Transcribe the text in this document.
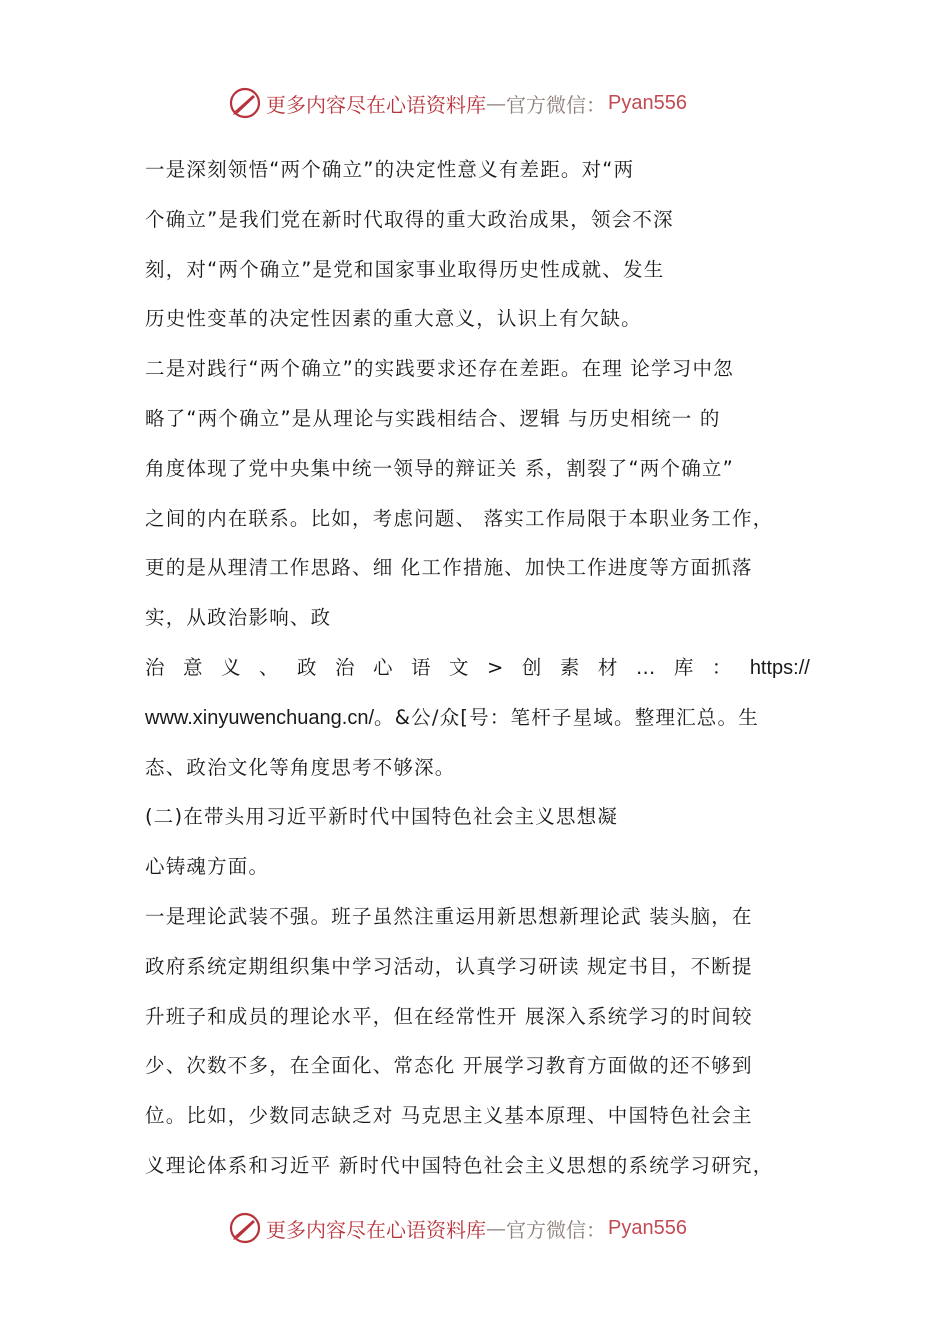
更多内容尽在心语资料库 — 官方微信： Pyan556
一是深刻领悟“两个确立”的决定性意义有差距。对“两
个确立”是我们党在新时代取得的重大政治成果，领会不深
刻，对“两个确立”是党和国家事业取得历史性成就、发生
历史性变革的决定性因素的重大意义，认识上有欠缺。
二是对践行“两个确立”的实践要求还存在差距。在理 论学习中忽
略了“两个确立”是从理论与实践相结合、逻辑 与历史相统一 的
角度体现了党中央集中统一领导的辩证关 系，割裂了“两个确立”
之间的内在联系。比如，考虑问题、 落实工作局限于本职业务工作，
更的是从理清工作思路、细 化工作措施、加快工作进度等方面抓落
实，从政治影响、政
治 意 义 、 政 治 心 语 文 > 创 素 材 … 库 ： https://
www.xinyuwenchuang.cn/。&公/众[号：笔杆子星域。整理汇总。生
态、政治文化等角度思考不够深。
(二)在带头用习近平新时代中国特色社会主义思想凝
心铸魂方面。
一是理论武装不强。班子虽然注重运用新思想新理论武 装头脑，在
政府系统定期组织集中学习活动，认真学习研读 规定书目，不断提
升班子和成员的理论水平，但在经常性开 展深入系统学习的时间较
少、次数不多，在全面化、常态化 开展学习教育方面做的还不够到
位。比如，少数同志缺乏对 马克思主义基本原理、中国特色社会主
义理论体系和习近平 新时代中国特色社会主义思想的系统学习研究，
更多内容尽在心语资料库 — 官方微信： Pyan556
